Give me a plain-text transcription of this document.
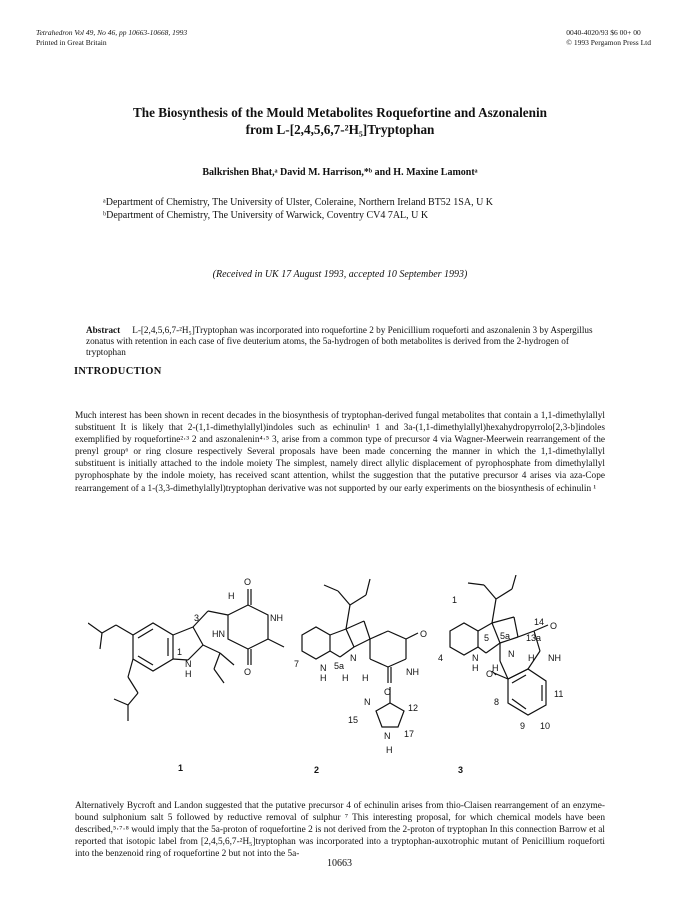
Tetrahedron Vol 49, No 46, pp 10663-10668, 1993
Printed in Great Britain
0040-4020/93 $6 00+ 00
© 1993 Pergamon Press Ltd
The Biosynthesis of the Mould Metabolites Roquefortine and Aszonalenin
from L-[2,4,5,6,7-²H₅]Tryptophan
Balkrishen Bhat,ᵃ David M. Harrison,*ᵇ and H. Maxine Lamontᵃ
ᵃDepartment of Chemistry, The University of Ulster, Coleraine, Northern Ireland BT52 1SA, U K
ᵇDepartment of Chemistry, The University of Warwick, Coventry CV4 7AL, U K
(Received in UK 17 August 1993, accepted 10 September 1993)
Abstract L-[2,4,5,6,7-²H₅]Tryptophan was incorporated into roquefortine 2 by Penicillium roqueforti and aszonalenin 3 by Aspergillus zonatus with retention in each case of five deuterium atoms, the 5a-hydrogen of both metabolites is derived from the 2-hydrogen of tryptophan
INTRODUCTION
Much interest has been shown in recent decades in the biosynthesis of tryptophan-derived fungal metabolites that contain a 1,1-dimethylallyl substituent It is likely that 2-(1,1-dimethylallyl)indoles such as echinulin¹ 1 and 3a-(1,1-dimethylallyl)hexahydropyrrolo[2,3-b]indoles exemplified by roquefortine²·³ 2 and aszonalenin⁴·⁵ 3, arise from a common type of precursor 4 via Wagner-Meerwein rearrangement of the prenyl group⁶ or ring closure respectively Several proposals have been made concerning the manner in which the 1,1-dimethylallyl substituent is initially attached to the indole moiety The simplest, namely direct allylic displacement of pyrophosphate from dimethylallyl pyrophosphate by the indole moiety, has received scant attention, whilst the suggestion that the putative precursor 4 arises via aza-Cope rearrangement of a 1-(3,3-dimethylallyl)tryptophan derivative was not supported by our early experiments on the biosynthesis of echinulin ¹
H
O
3	NH
1
N
H
HN
O
1
5a
7 N
H
N
H H
O
NH
12
N
15
N 17
H
O
2
1
14
5 5a 13a
O
4	N
H
N
H
H NH
O
8
11
9 10
3
Alternatively Bycroft and Landon suggested that the putative precursor 4 of echinulin arises from thio-Claisen rearrangement of an enzyme-bound sulphonium salt 5 followed by reductive removal of sulphur ⁷ This interesting proposal, for which chemical models have been described,⁵·⁷·⁸ would imply that the 5a-proton of roquefortine 2 is not derived from the 2-proton of tryptophan In this connection Barrow et al reported that isotopic label from [2,4,5,6,7-²H₅]tryptophan was incorporated into a tryptophan-auxotrophic mutant of Penicillium roqueforti into the benzenoid ring of roquefortine 2 but not into the 5a-
10663
